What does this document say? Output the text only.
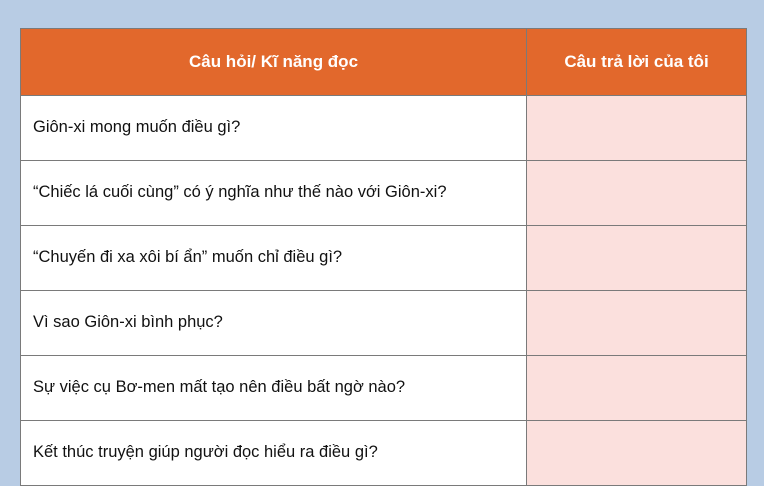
Câu hỏi/ Kĩ năng đọc	Câu trả lời của tôi
Giôn-xi mong muốn điều gì?	
“Chiếc lá cuối cùng” có ý nghĩa như thế nào với Giôn-xi?	
“Chuyến đi xa xôi bí ẩn” muốn chỉ điều gì?	
Vì sao Giôn-xi bình phục?	
Sự việc cụ Bơ-men mất tạo nên điều bất ngờ nào?	
Kết thúc truyện giúp người đọc hiểu ra điều gì?	
